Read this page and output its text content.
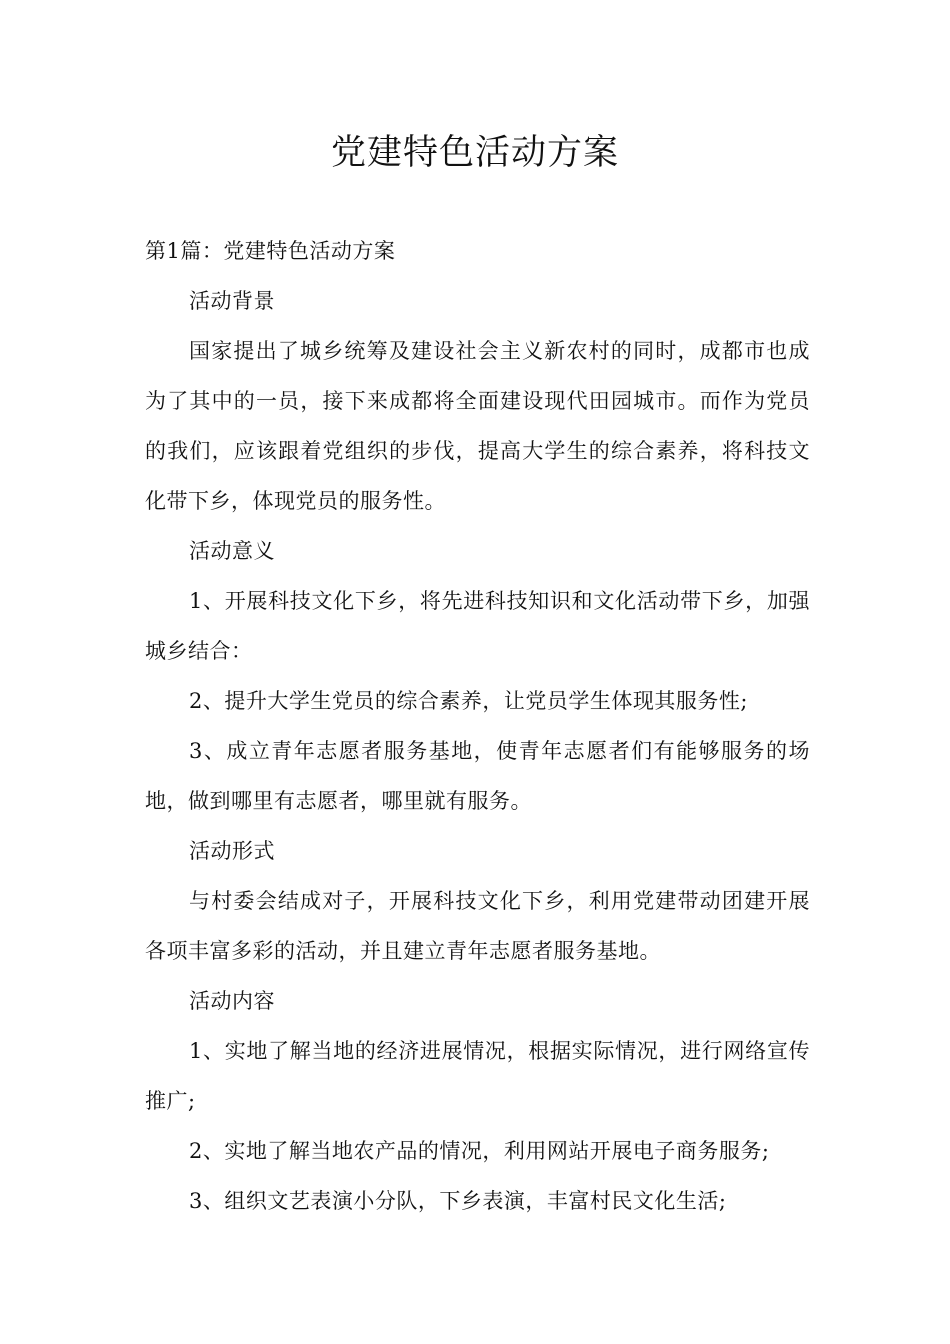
党建特色活动方案

第1篇：党建特色活动方案

活动背景

国家提出了城乡统筹及建设社会主义新农村的同时，成都市也成为了其中的一员，接下来成都将全面建设现代田园城市。而作为党员的我们，应该跟着党组织的步伐，提高大学生的综合素养，将科技文化带下乡，体现党员的服务性。

活动意义

1、开展科技文化下乡，将先进科技知识和文化活动带下乡，加强城乡结合：

2、提升大学生党员的综合素养，让党员学生体现其服务性;

3、成立青年志愿者服务基地，使青年志愿者们有能够服务的场地，做到哪里有志愿者，哪里就有服务。

活动形式

与村委会结成对子，开展科技文化下乡，利用党建带动团建开展各项丰富多彩的活动，并且建立青年志愿者服务基地。

活动内容

1、实地了解当地的经济进展情况，根据实际情况，进行网络宣传推广;

2、实地了解当地农产品的情况，利用网站开展电子商务服务;

3、组织文艺表演小分队，下乡表演，丰富村民文化生活;
